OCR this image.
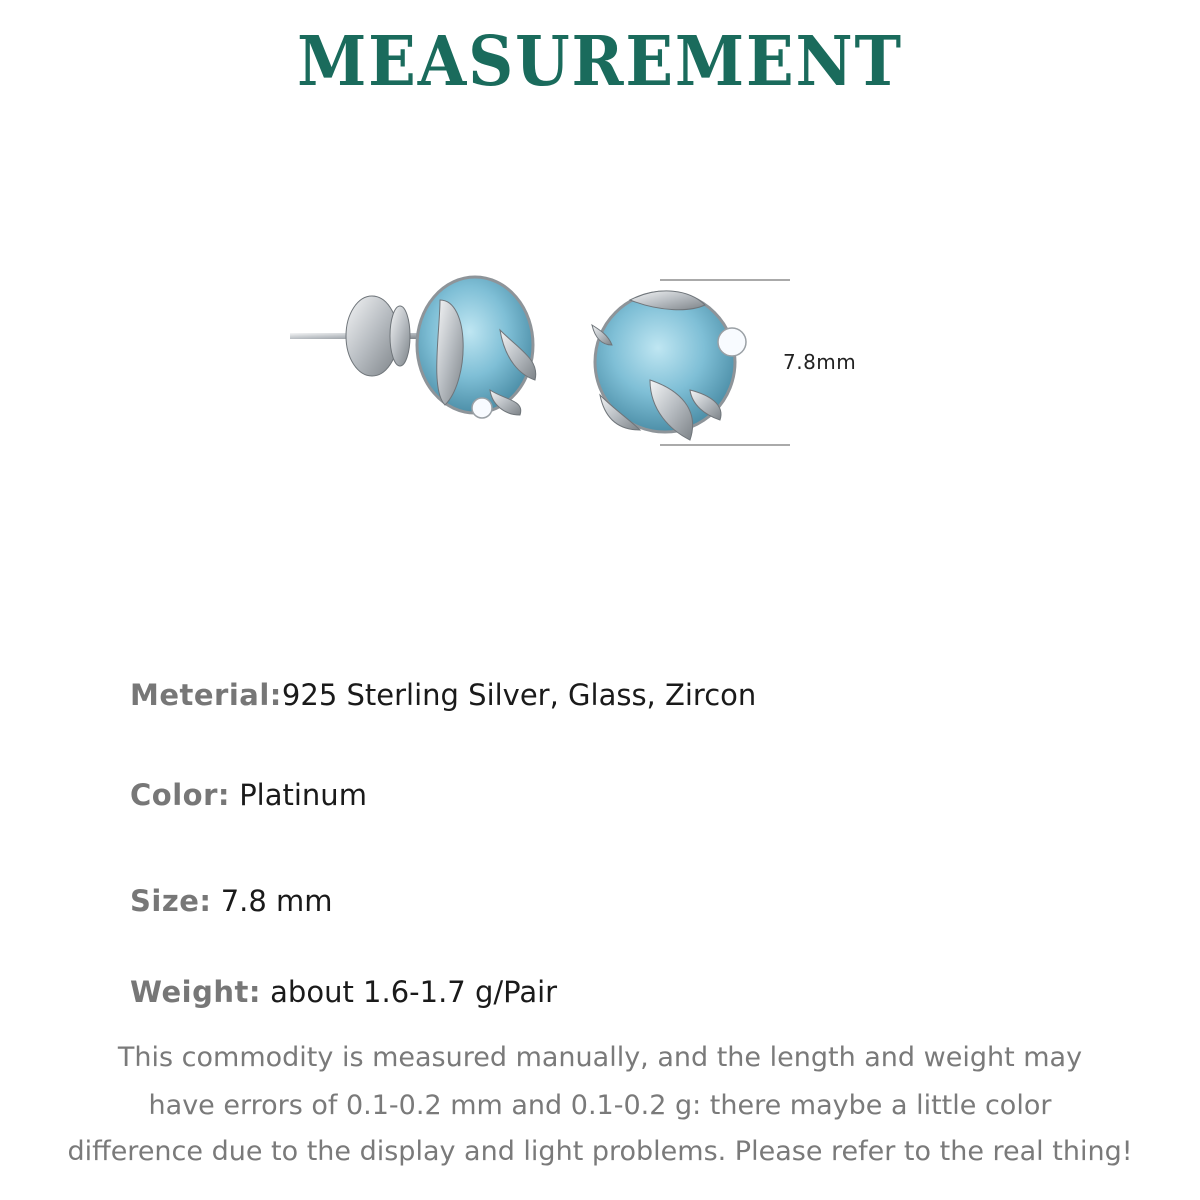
MEASUREMENT
7.8mm
Meterial:925 Sterling Silver, Glass, Zircon
Color: Platinum
Size: 7.8 mm
Weight: about 1.6-1.7 g/Pair
This commodity is measured manually, and the length and weight may
have errors of 0.1-0.2 mm and 0.1-0.2 g: there maybe a little color
difference due to the display and light problems. Please refer to the real thing!
